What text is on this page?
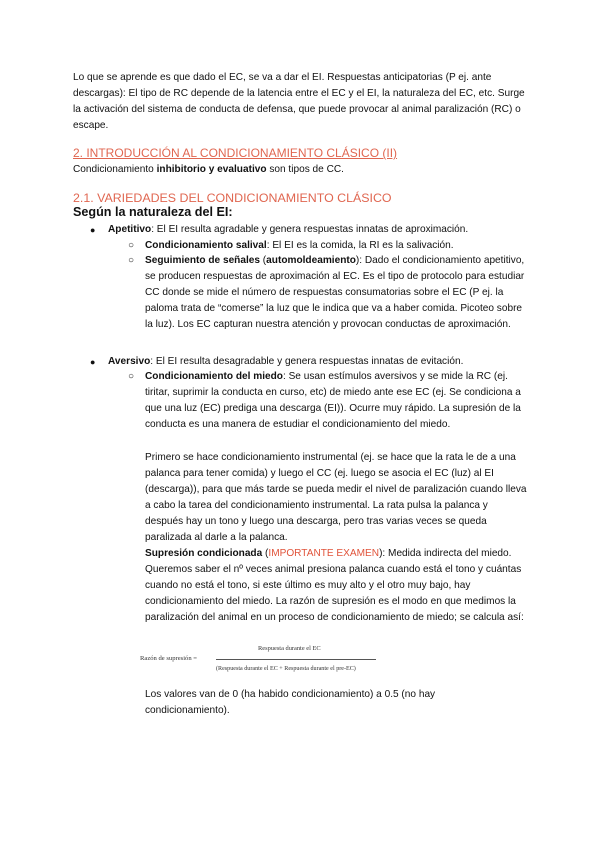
Lo que se aprende es que dado el EC, se va a dar el EI. Respuestas anticipatorias (P ej. ante descargas): El tipo de RC depende de la latencia entre el EC y el EI, la naturaleza del EC, etc. Surge la activación del sistema de conducta de defensa, que puede provocar al animal paralización (RC) o escape.

2. INTRODUCCIÓN AL CONDICIONAMIENTO CLÁSICO (II)
Condicionamiento inhibitorio y evaluativo son tipos de CC.
2.1. VARIEDADES DEL CONDICIONAMIENTO CLÁSICO
Según la naturaleza del EI:
●	Apetitivo: El EI resulta agradable y genera respuestas innatas de aproximación.
○	Condicionamiento salival: El EI es la comida, la RI es la salivación.
○	Seguimiento de señales (automoldeamiento): Dado el condicionamiento apetitivo, se producen respuestas de aproximación al EC. Es el tipo de protocolo para estudiar CC donde se mide el número de respuestas consumatorias sobre el EC (P ej. la paloma trata de “comerse” la luz que le indica que va a haber comida. Picoteo sobre la luz). Los EC capturan nuestra atención y provocan conductas de aproximación.
●	Aversivo: El EI resulta desagradable y genera respuestas innatas de evitación.
○	Condicionamiento del miedo: Se usan estímulos aversivos y se mide la RC (ej. tiritar, suprimir la conducta en curso, etc) de miedo ante ese EC (ej. Se condiciona a que una luz (EC) prediga una descarga (EI)). Ocurre muy rápido. La supresión de la conducta es una manera de estudiar el condicionamiento del miedo.

Primero se hace condicionamiento instrumental (ej. se hace que la rata le de a una palanca para tener comida) y luego el CC (ej. luego se asocia el EC (luz) al EI (descarga)), para que más tarde se pueda medir el nivel de paralización cuando lleva a cabo la tarea del condicionamiento instrumental. La rata pulsa la palanca y después hay un tono y luego una descarga, pero tras varias veces se queda paralizada al darle a la palanca.

Supresión condicionada (IMPORTANTE EXAMEN): Medida indirecta del miedo. Queremos saber el nº veces animal presiona palanca cuando está el tono y cuántas cuando no está el tono, si este último es muy alto y el otro muy bajo, hay condicionamiento del miedo. La razón de supresión es el modo en que medimos la paralización del animal en un proceso de condicionamiento de miedo; se calcula así:

Razón de supresión =
Respuesta durante el EC
(Respuesta durante el EC + Respuesta durante el pre-EC)

Los valores van de 0 (ha habido condicionamiento) a 0.5 (no hay condicionamiento).
